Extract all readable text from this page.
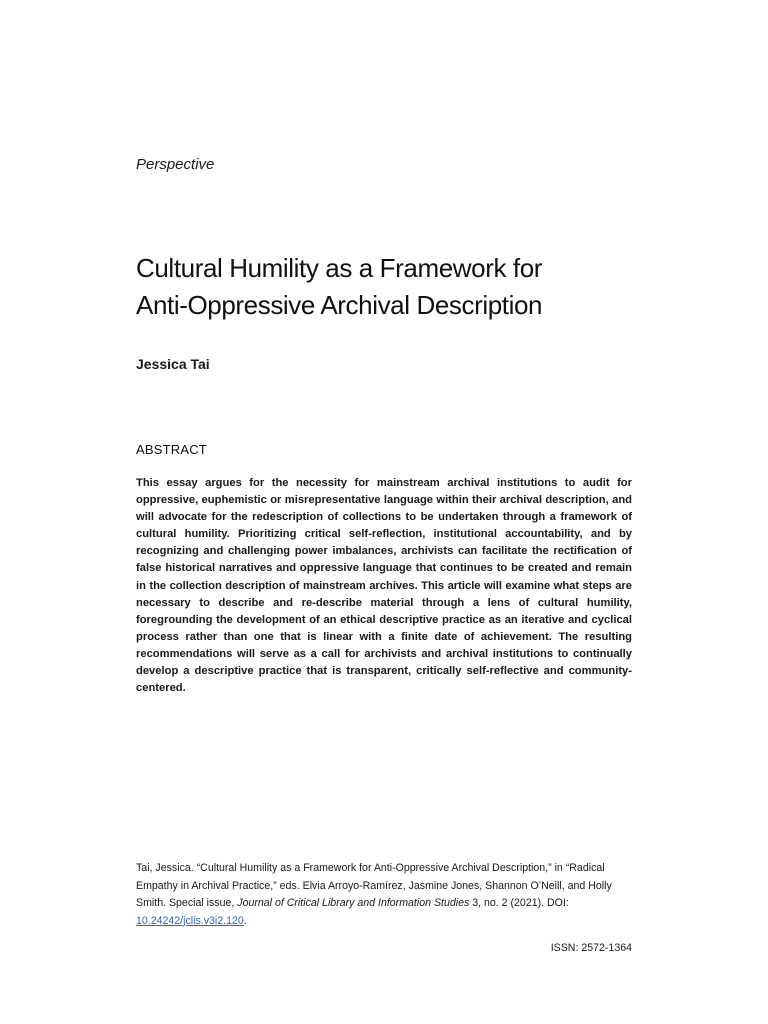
Perspective
Cultural Humility as a Framework for
Anti-Oppressive Archival Description
Jessica Tai
ABSTRACT

This essay argues for the necessity for mainstream archival institutions to audit for oppressive, euphemistic or misrepresentative language within their archival description, and will advocate for the redescription of collections to be undertaken through a framework of cultural humility. Prioritizing critical self-reflection, institutional accountability, and by recognizing and challenging power imbalances, archivists can facilitate the rectification of false historical narratives and oppressive language that continues to be created and remain in the collection description of mainstream archives. This article will examine what steps are necessary to describe and re-describe material through a lens of cultural humility, foregrounding the development of an ethical descriptive practice as an iterative and cyclical process rather than one that is linear with a finite date of achievement. The resulting recommendations will serve as a call for archivists and archival institutions to continually develop a descriptive practice that is transparent, critically self-reflective and community-centered.

Tai, Jessica. “Cultural Humility as a Framework for Anti-Oppressive Archival Description,” in “Radical Empathy in Archival Practice,” eds. Elvia Arroyo-Ramírez, Jasmine Jones, Shannon O’Neill, and Holly Smith. Special issue, Journal of Critical Library and Information Studies 3, no. 2 (2021). DOI: 10.24242/jclis.v3i2.120.

ISSN: 2572-1364
